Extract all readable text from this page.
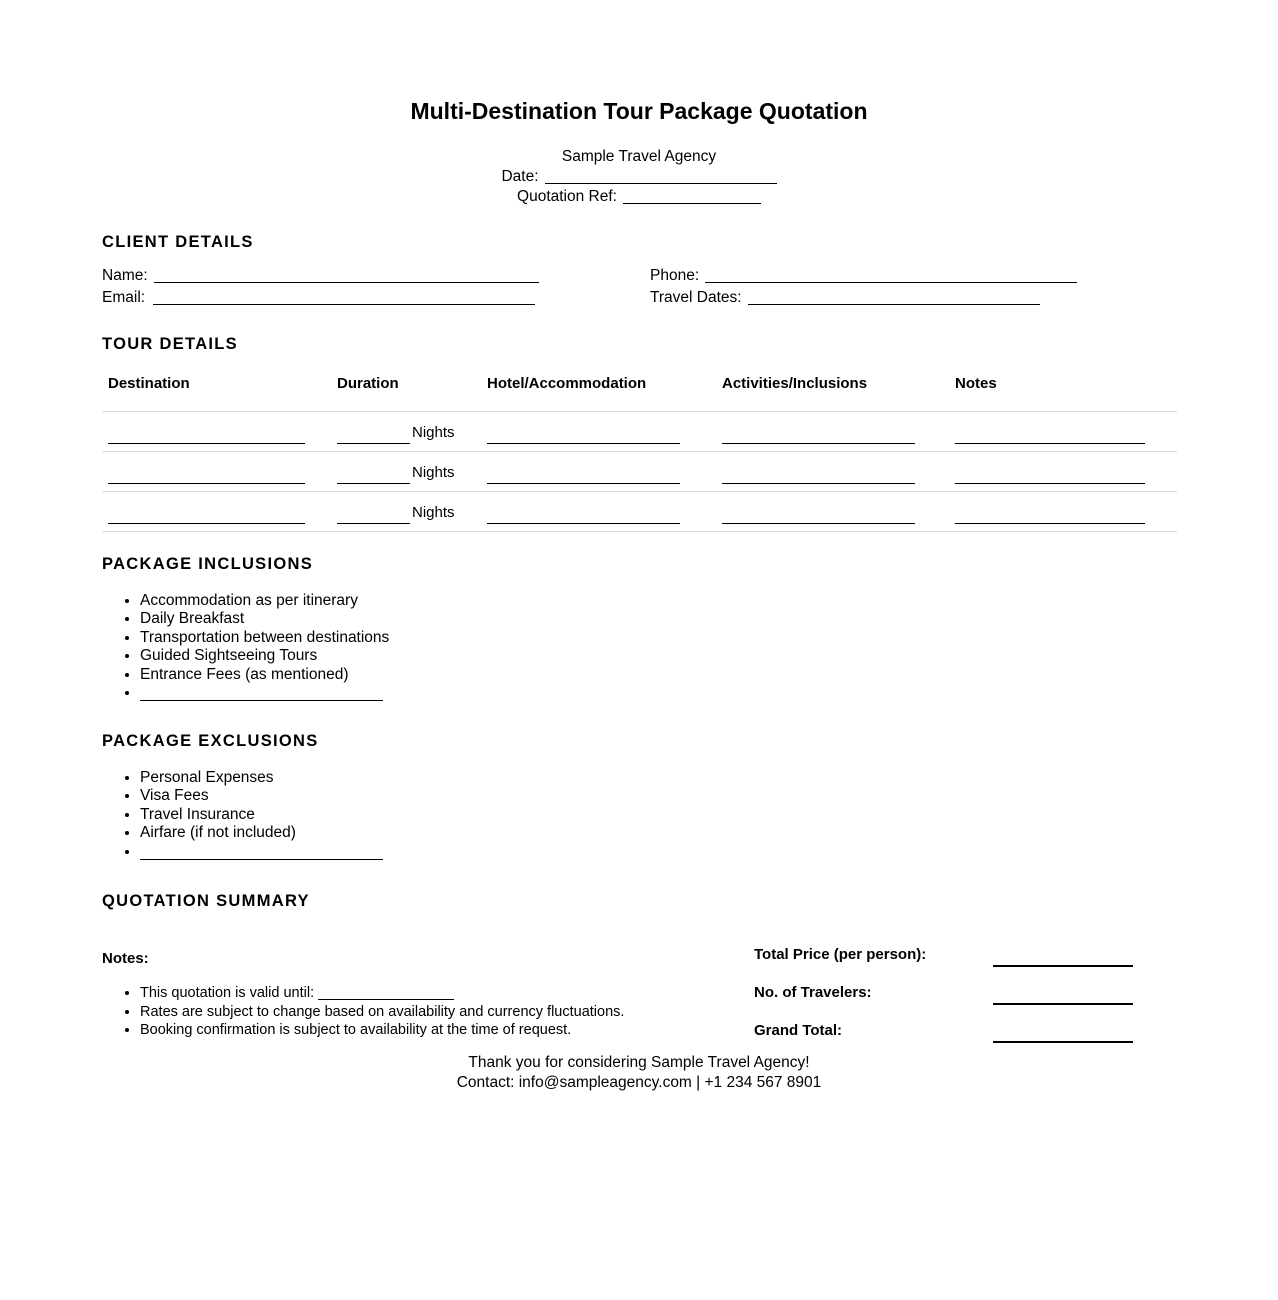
Multi-Destination Tour Package Quotation
Sample Travel Agency
Date:
Quotation Ref:
CLIENT DETAILS
Name:
Email:
Phone:
Travel Dates:
TOUR DETAILS
Destination	Duration	Hotel/Accommodation	Activities/Inclusions	Notes
Nights
Nights
Nights
PACKAGE INCLUSIONS
• Accommodation as per itinerary
• Daily Breakfast
• Transportation between destinations
• Guided Sightseeing Tours
• Entrance Fees (as mentioned)
•
PACKAGE EXCLUSIONS
• Personal Expenses
• Visa Fees
• Travel Insurance
• Airfare (if not included)
•
QUOTATION SUMMARY
Notes:
• This quotation is valid until:
• Rates are subject to change based on availability and currency fluctuations.
• Booking confirmation is subject to availability at the time of request.
Total Price (per person):
No. of Travelers:
Grand Total:
Thank you for considering Sample Travel Agency!
Contact: info@sampleagency.com | +1 234 567 8901
